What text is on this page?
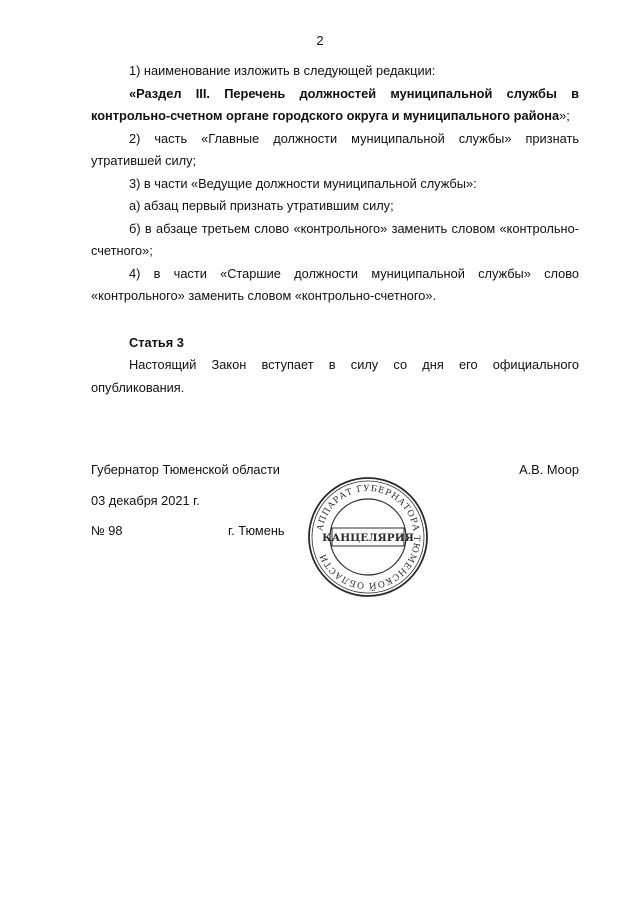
2

1) наименование изложить в следующей редакции:

«Раздел III. Перечень должностей муниципальной службы в контрольно-счетном органе городского округа и муниципального района»;

2) часть «Главные должности муниципальной службы» признать утратившей силу;

3) в части «Ведущие должности муниципальной службы»:

а) абзац первый признать утратившим силу;

б) в абзаце третьем слово «контрольного» заменить словом «контрольно-счетного»;

4) в части «Старшие должности муниципальной службы» слово «контрольного» заменить словом «контрольно-счетного».

Статья 3

Настоящий Закон вступает в силу со дня его официального опубликования.

Губернатор Тюменской области	А.В. Моор
03 декабря 2021 г.
№ 98	г. Тюмень	АППАРАТ ГУБЕРНАТОРА ТЮМЕНСКОЙ ОБЛАСТИ
КАНЦЕЛЯРИЯ
